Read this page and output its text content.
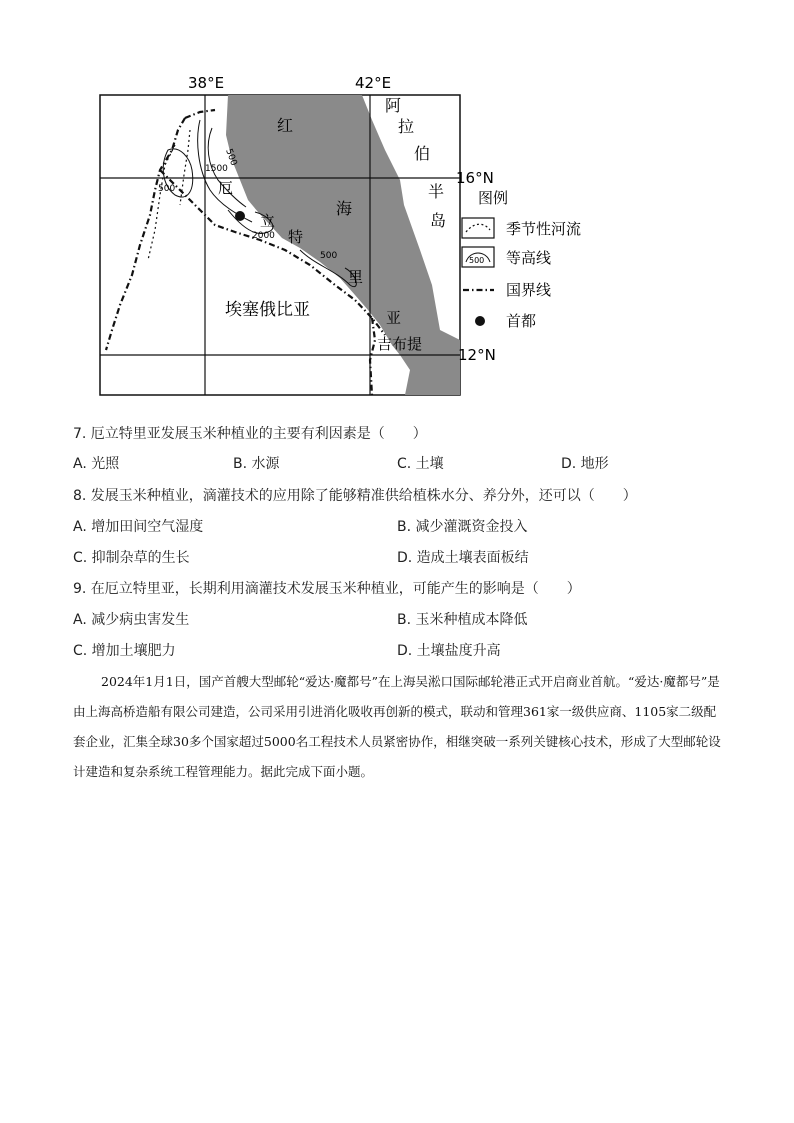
38°E	42°E
16°N
12°N
红
海
阿
拉
伯
半
岛
厄
立
特
里
亚
埃塞俄比亚
吉布提
500
1500
500
2000
500
图例
季节性河流
500 等高线
国界线
首都
7. 厄立特里亚发展玉米种植业的主要有利因素是（　　）
A. 光照	B. 水源	C. 土壤	D. 地形
8. 发展玉米种植业，滴灌技术的应用除了能够精准供给植株水分、养分外，还可以（　　）
A. 增加田间空气湿度	B. 减少灌溉资金投入
C. 抑制杂草的生长	D. 造成土壤表面板结
9. 在厄立特里亚，长期利用滴灌技术发展玉米种植业，可能产生的影响是（　　）
A. 减少病虫害发生	B. 玉米种植成本降低
C. 增加土壤肥力	D. 土壤盐度升高
2024年1月1日，国产首艘大型邮轮“爱达·魔都号”在上海吴淞口国际邮轮港正式开启商业首航。“爱达·魔都号”是由上海高桥造船有限公司建造，公司采用引进消化吸收再创新的模式，联动和管理361家一级供应商、1105家二级配套企业，汇集全球30多个国家超过5000名工程技术人员紧密协作，相继突破一系列关键核心技术，形成了大型邮轮设计建造和复杂系统工程管理能力。据此完成下面小题。
